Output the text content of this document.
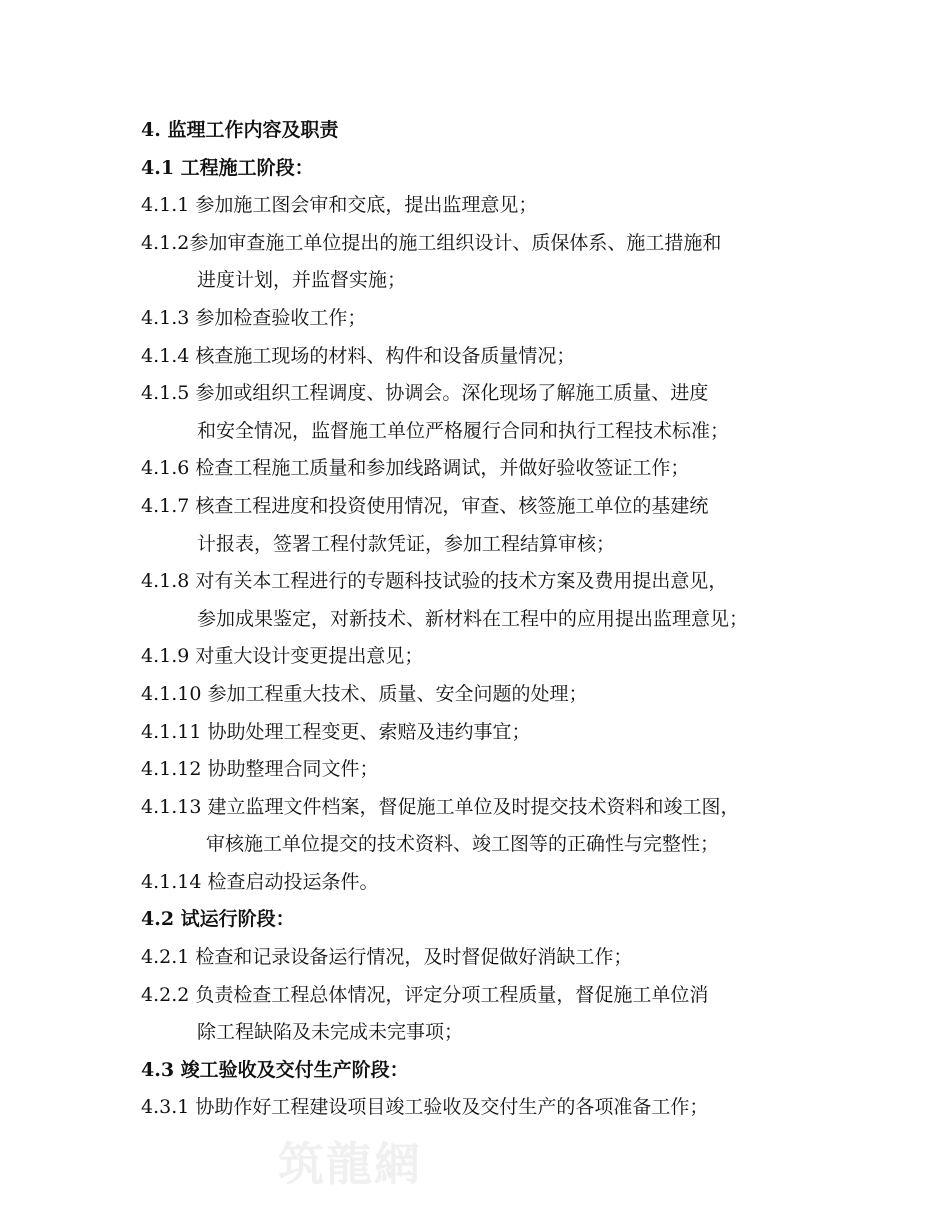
4. 监理工作内容及职责
4.1 工程施工阶段：
4.1.1 参加施工图会审和交底，提出监理意见；
4.1.2参加审查施工单位提出的施工组织设计、质保体系、施工措施和
进度计划，并监督实施；
4.1.3 参加检查验收工作；
4.1.4 核查施工现场的材料、构件和设备质量情况；
4.1.5 参加或组织工程调度、协调会。深化现场了解施工质量、进度
和安全情况，监督施工单位严格履行合同和执行工程技术标准；
4.1.6 检查工程施工质量和参加线路调试，并做好验收签证工作；
4.1.7 核查工程进度和投资使用情况，审查、核签施工单位的基建统
计报表，签署工程付款凭证，参加工程结算审核；
4.1.8 对有关本工程进行的专题科技试验的技术方案及费用提出意见，
参加成果鉴定，对新技术、新材料在工程中的应用提出监理意见；
4.1.9 对重大设计变更提出意见；
4.1.10 参加工程重大技术、质量、安全问题的处理；
4.1.11 协助处理工程变更、索赔及违约事宜；
4.1.12 协助整理合同文件；
4.1.13 建立监理文件档案，督促施工单位及时提交技术资料和竣工图，
审核施工单位提交的技术资料、竣工图等的正确性与完整性；
4.1.14 检查启动投运条件。
4.2 试运行阶段：
4.2.1 检查和记录设备运行情况，及时督促做好消缺工作；
4.2.2 负责检查工程总体情况，评定分项工程质量，督促施工单位消
除工程缺陷及未完成未完事项；
4.3 竣工验收及交付生产阶段：
4.3.1 协助作好工程建设项目竣工验收及交付生产的各项准备工作；
筑龍網
